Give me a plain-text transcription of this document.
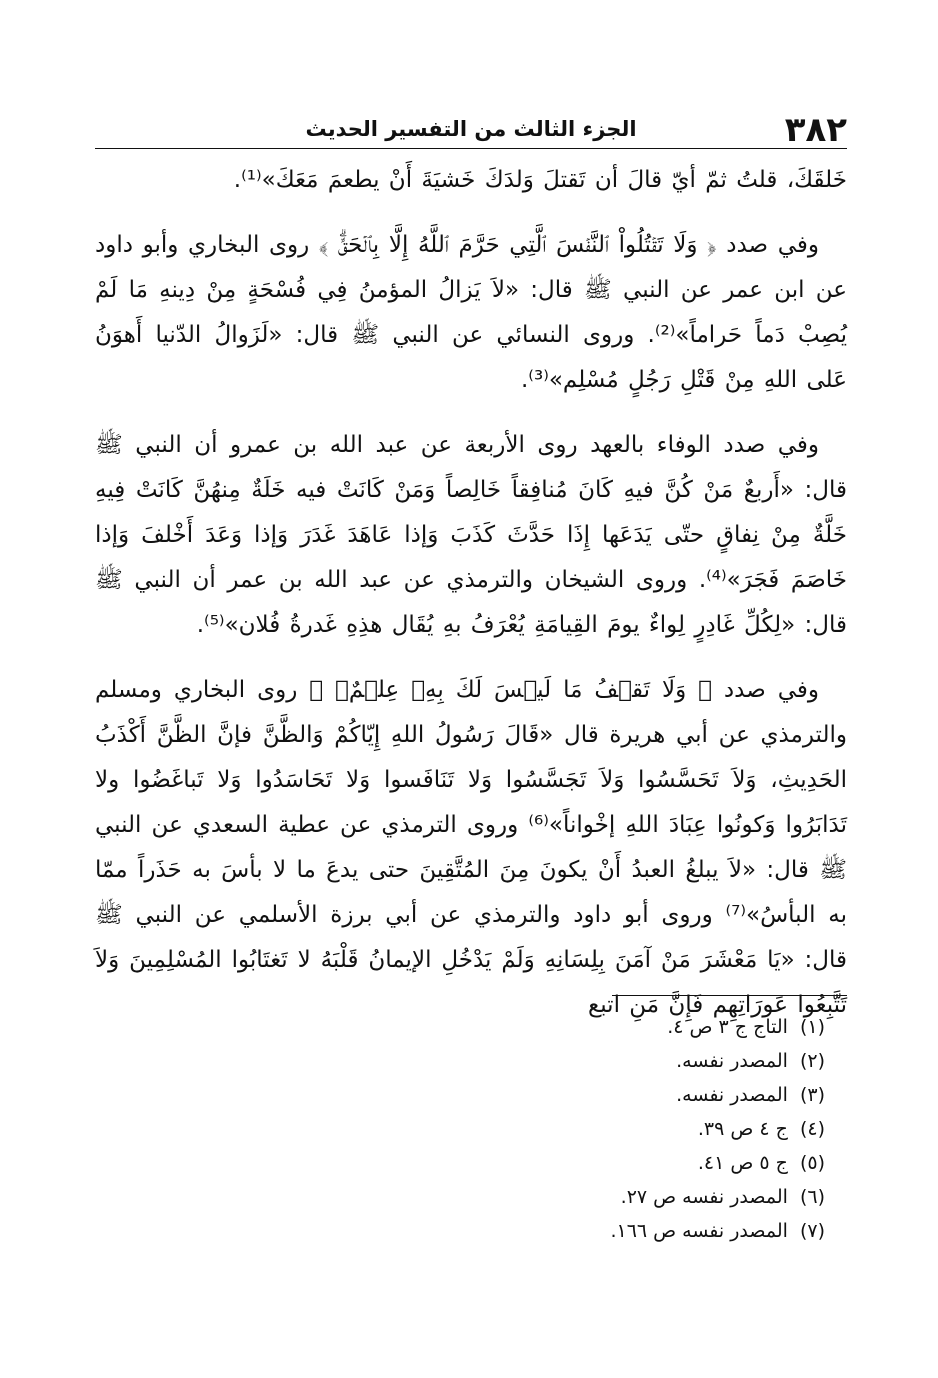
٣٨٢
الجزء الثالث من التفسير الحديث

خَلقَكَ، قلتُ ثمّ أيّ قالَ أن تَقتلَ وَلدَكَ خَشيَةَ أَنْ يطعمَ مَعَكَ»⁽¹⁾.

وفي صدد ﴿ وَلَا تَقۡتُلُواْ ٱلنَّفۡسَ ٱلَّتِي حَرَّمَ ٱللَّهُ إِلَّا بِٱلۡحَقِّۗ ﴾ روى البخاري وأبو داود عن ابن عمر عن النبي ﷺ قال: «لاَ يَزالُ المؤمنُ فِي فُسْحَةٍ مِنْ دِينهِ مَا لَمْ يُصِبْ دَماً حَراماً»⁽²⁾. وروى النسائي عن النبي ﷺ قال: «لَزَوالُ الدّنيا أَهوَنُ عَلى اللهِ مِنْ قَتْلِ رَجُلٍ مُسْلِم»⁽³⁾.

وفي صدد الوفاء بالعهد روى الأربعة عن عبد الله بن عمرو أن النبي ﷺ قال: «أَربعٌ مَنْ كُنَّ فيهِ كَانَ مُنافِقاً خَالِصاً وَمَنْ كَانَتْ فيه خَلَةٌ مِنهُنَّ كَانَتْ فِيهِ خَلَّةٌ مِنْ نِفاقٍ حتّى يَدَعَها إِذَا حَدَّثَ كَذَبَ وَإذا عَاهَدَ غَدَرَ وَإذا وَعَدَ أَخْلفَ وَإذا خَاصَمَ فَجَرَ»⁽⁴⁾. وروى الشيخان والترمذي عن عبد الله بن عمر أن النبي ﷺ قال: «لِكُلِّ غَادِرٍ لِواءٌ يومَ القِيامَةِ يُعْرَفُ بهِ يُقَال هذِهِ غَدرةُ فُلان»⁽⁵⁾.

وفي صدد ﴿ وَلَا تَقۡفُ مَا لَيۡسَ لَكَ بِهِۦ عِلۡمٌۚ ﴾ روى البخاري ومسلم والترمذي عن أبي هريرة قال «قَالَ رَسُولُ اللهِ إِيّاكُمْ وَالظَّنَّ فإنَّ الظَّنَّ أَكْذَبُ الحَدِيثِ، وَلاَ تَحَسَّسُوا وَلاَ تَجَسَّسُوا وَلا تَنَافَسوا وَلا تَحَاسَدُوا وَلا تَباغَضُوا ولا تَدَابَرُوا وَكونُوا عِبَادَ اللهِ إخْواناً»⁽⁶⁾ وروى الترمذي عن عطية السعدي عن النبي ﷺ قال: «لاَ يبلغُ العبدُ أَنْ يكونَ مِنَ المُتَّقِينَ حتى يدعَ ما لا بأسَ به حَذَراً ممّا به البأسُ»⁽⁷⁾ وروى أبو داود والترمذي عن أبي برزة الأسلمي عن النبي ﷺ قال: «يَا مَعْشَرَ مَنْ آمَنَ بِلِسَانِهِ وَلَمْ يَدْخُلِ الإيمانُ قَلْبَهُ لا تَغتَابُوا المُسْلِمِينَ وَلاَ تَتَّبِعُوا عَورَاتِهِم فَإِنَّ مَنِ اتبع

(١)التاج ج ٣ ص ٤.
(٢)المصدر نفسه.
(٣)المصدر نفسه.
(٤)ج ٤ ص ٣٩.
(٥)ج ٥ ص ٤١.
(٦)المصدر نفسه ص ٢٧.
(٧)المصدر نفسه ص ١٦٦.
